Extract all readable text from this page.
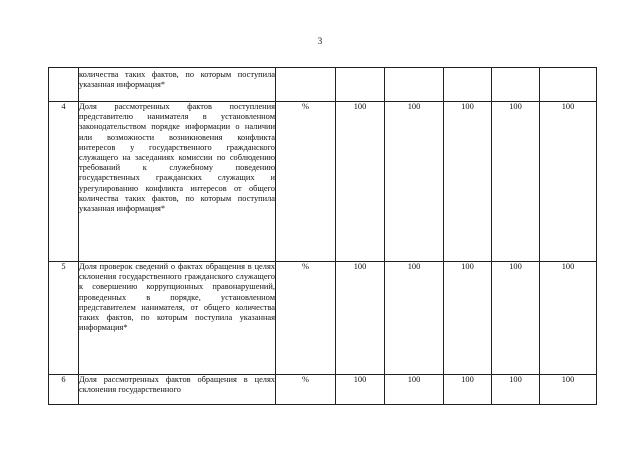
3

	количества таких фактов, по которым поступила указанная информация*						

4	Доля рассмотренных фактов поступления представителю нанимателя в установленном законодательством порядке информации о наличии или возможности возникновения конфликта интересов у государственного гражданского служащего на заседаниях комиссии по соблюдению требований к служебному поведению государственных гражданских служащих и урегулированию конфликта интересов от общего количества таких фактов, по которым поступила указанная информация*	%	100	100	100	100	100
5	Доля проверок сведений о фактах обращения в целях склонения государственного гражданского служащего к совершению коррупционных правонарушений, проведенных в порядке, установленном представителем нанимателя, от общего количества таких фактов, по которым поступила указанная информация*	%	100	100	100	100	100
6	Доля рассмотренных фактов обращения в целях склонения государственного	%	100	100	100	100	100
